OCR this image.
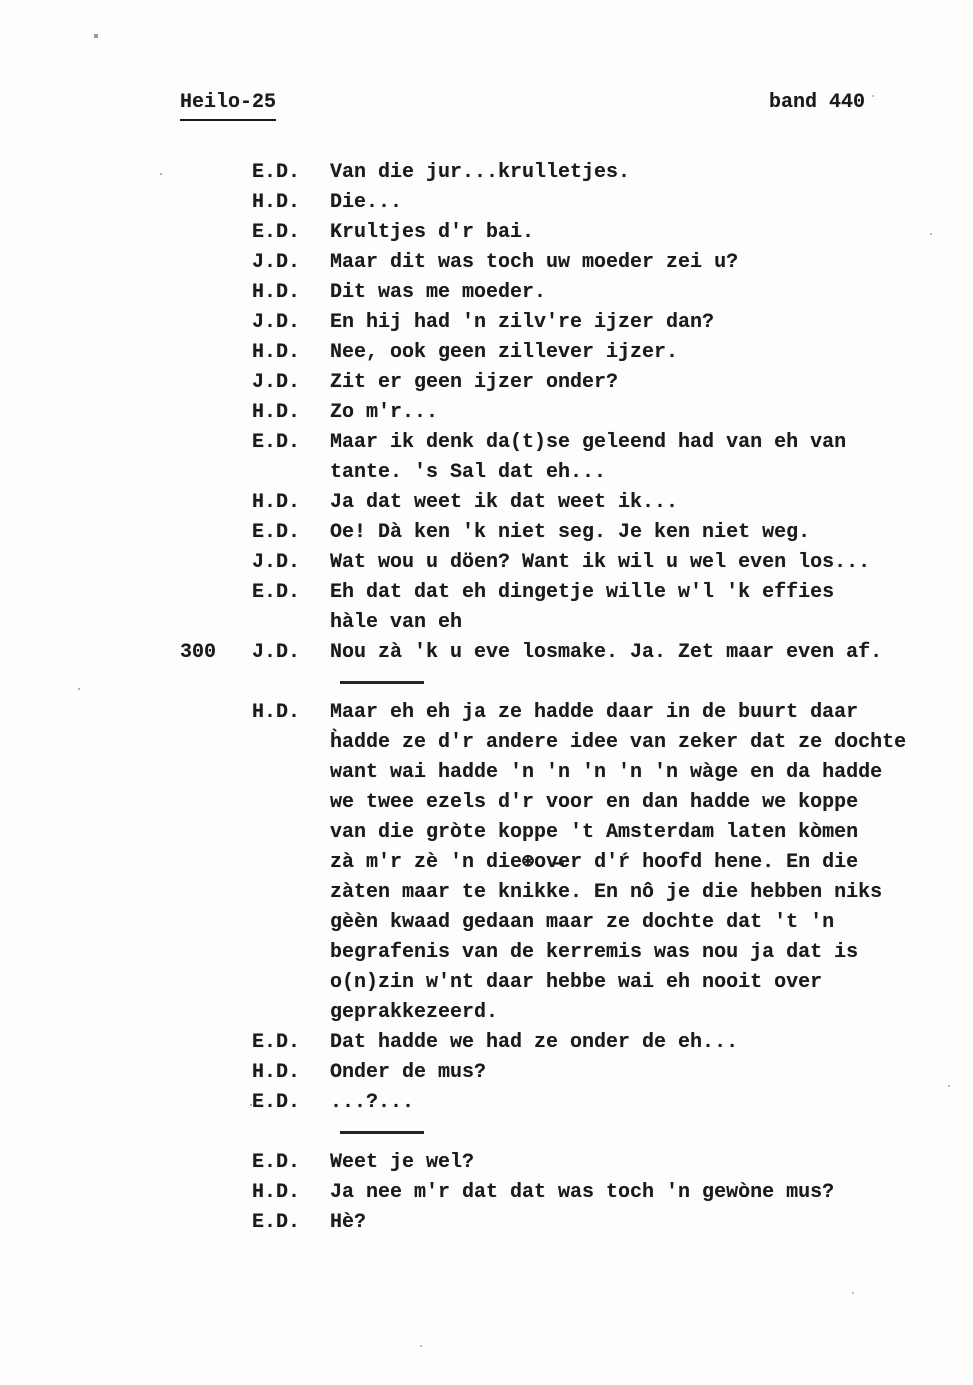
Heilo-25	band 440
E.D.	Van die jur...krulletjes.
H.D.	Die...
E.D.	Krultjes d'r bai.
J.D.	Maar dit was toch uw moeder zei u?
H.D.	Dit was me moeder.
J.D.	En hij had 'n zilv're ijzer dan?
H.D.	Nee, ook geen zillever ijzer.
J.D.	Zit er geen ijzer onder?
H.D.	Zo m'r...
E.D.	Maar ik denk da(t)se geleend had van eh van
tante. 's Sal dat eh...
H.D.	Ja dat weet ik dat weet ik...
E.D.	Oe! Dà ken 'k niet seg. Je ken niet weg.
J.D.	Wat wou u döen? Want ik wil u wel even los...
E.D.	Eh dat dat eh dingetje wille w'l 'k effies
hàle van eh
300	J.D.	Nou zà 'k u eve losmake. Ja. Zet maar even af.
H.D.	Maar eh eh ja ze hadde daar in de buurt daar
h̀adde ze d'r andere idee van zeker dat ze dochte
want wai hadde 'n 'n 'n 'n 'n wàge en da hadde
we twee ezels d'r voor en dan hadde we koppe
van die gròte koppe 't Amsterdam laten kòmen
zà m'r zè 'n die⊛ov̶er d'ŕ hoofd hene. En die
zàten maar te knikke. En nô je die hebben niks
gèèn kwaad gedaan maar ze dochte dat 't 'n
begrafenis van de kerremis was nou ja dat is
o(n)zin w'nt daar hebbe wai eh nooit over
geprakkezeerd.
E.D.	Dat hadde we had ze onder de eh...
H.D.	Onder de mus?
E.D.	...?...
E.D.	Weet je wel?
H.D.	Ja nee m'r dat dat was toch 'n gewòne mus?
E.D.	Hè?
